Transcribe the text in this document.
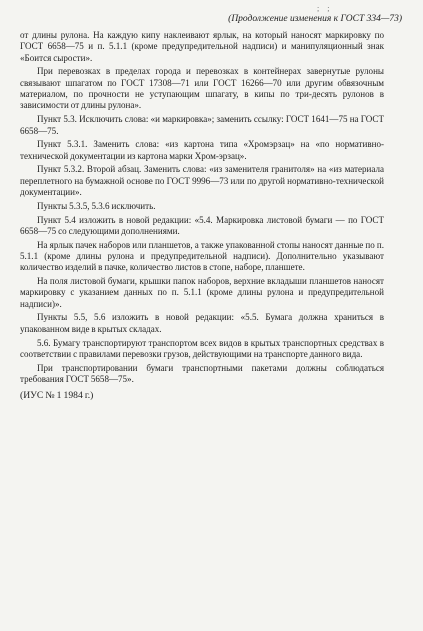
; ;
(Продолжение изменения к ГОСТ 334—73)

от длины рулона. На каждую кипу наклеивают ярлык, на который наносят маркировку по ГОСТ 6658—75 и п. 5.1.1 (кроме предупредительной надписи) и манипуляционный знак «Боится сырости».

При перевозках в пределах города и перевозках в контейнерах завернутые рулоны связывают шпагатом по ГОСТ 17308—71 или ГОСТ 16266—70 или другим обвязочным материалом, по прочности не уступающим шпагату, в кипы по три-десять рулонов в зависимости от длины рулона».

Пункт 5.3. Исключить слова: «и маркировка»; заменить ссылку: ГОСТ 1641—75 на ГОСТ 6658—75.

Пункт 5.3.1. Заменить слова: «из картона типа «Хромэрзац» на «по нормативно-технической документации из картона марки Хром-эрзац».

Пункт 5.3.2. Второй абзац. Заменить слова: «из заменителя гранитоля» на «из материала переплетного на бумажной основе по ГОСТ 9996—73 или по другой нормативно-технической документации».

Пункты 5.3.5, 5.3.6 исключить.

Пункт 5.4 изложить в новой редакции: «5.4. Маркировка листовой бумаги — по ГОСТ 6658—75 со следующими дополнениями.

На ярлык пачек наборов или планшетов, а также упакованной стопы наносят данные по п. 5.1.1 (кроме длины рулона и предупредительной надписи). Дополнительно указывают количество изделий в пачке, количество листов в стопе, наборе, планшете.

На поля листовой бумаги, крышки папок наборов, верхние вкладыши планшетов наносят маркировку с указанием данных по п. 5.1.1 (кроме длины рулона и предупредительной надписи)».

Пункты 5.5, 5.6 изложить в новой редакции: «5.5. Бумага должна храниться в упакованном виде в крытых складах.

5.6. Бумагу транспортируют транспортом всех видов в крытых транспортных средствах в соответствии с правилами перевозки грузов, действующими на транспорте данного вида.

При транспортировании бумаги транспортными пакетами должны соблюдаться требования ГОСТ 5658—75».

(ИУС № 1 1984 г.)
